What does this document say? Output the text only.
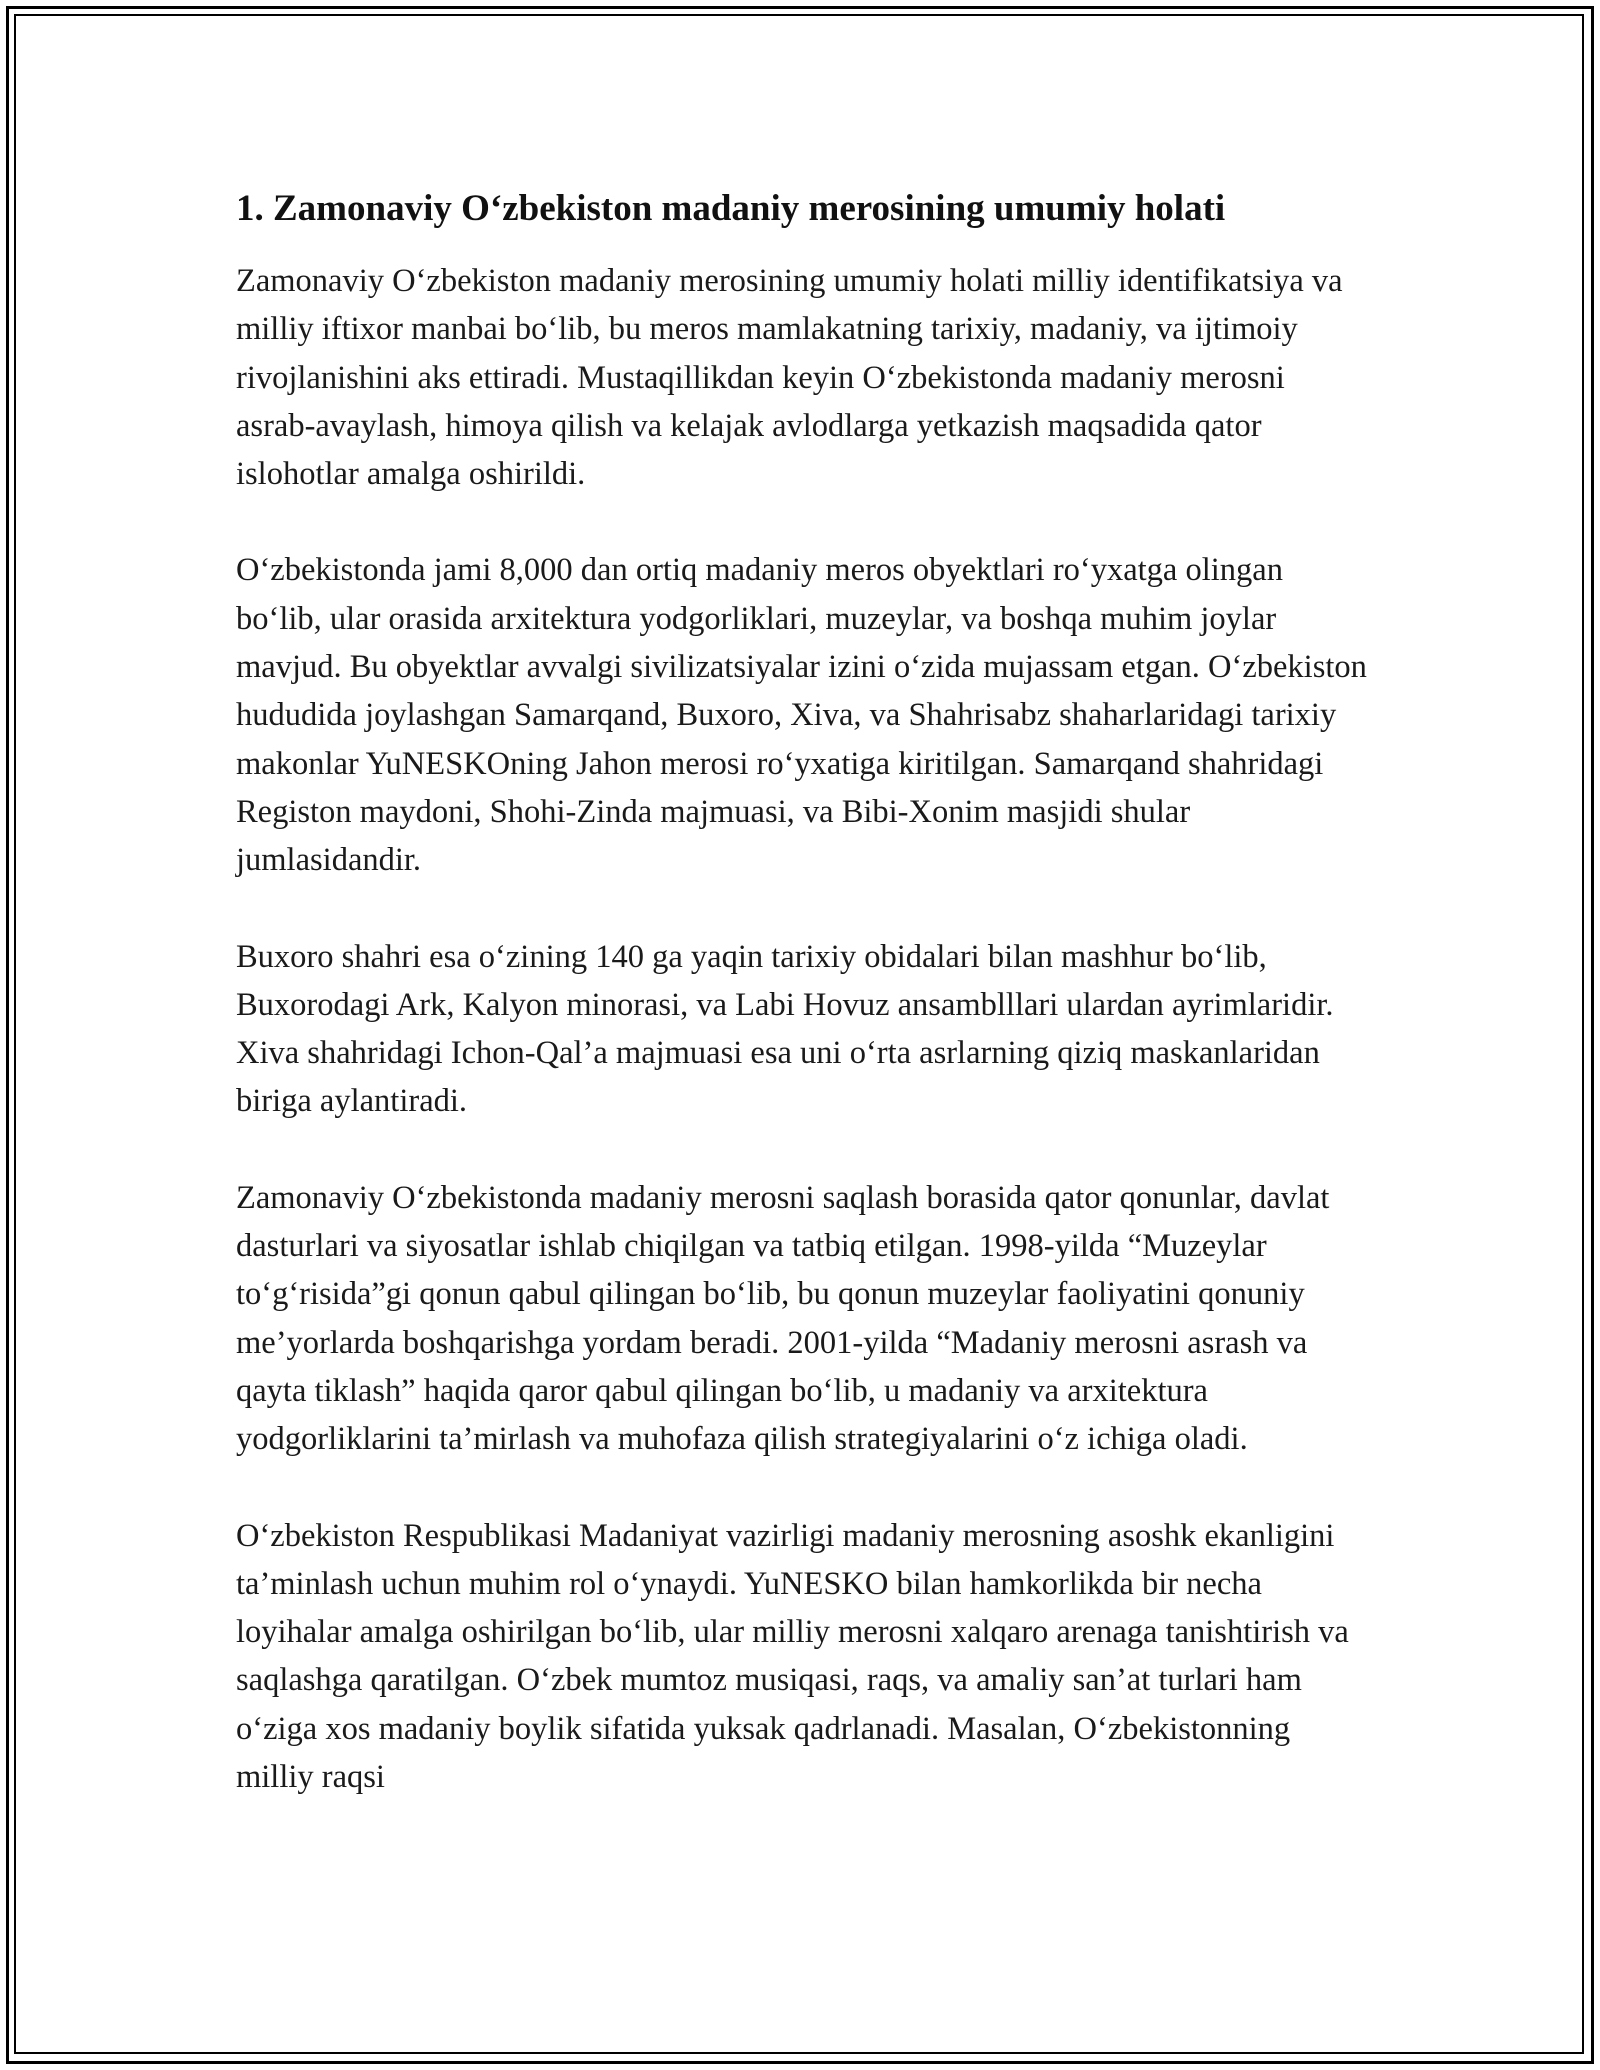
1. Zamonaviy O‘zbekiston madaniy merosining umumiy holati

Zamonaviy O‘zbekiston madaniy merosining umumiy holati milliy identifikatsiya va milliy iftixor manbai bo‘lib, bu meros mamlakatning tarixiy, madaniy, va ijtimoiy rivojlanishini aks ettiradi. Mustaqillikdan keyin O‘zbekistonda madaniy merosni asrab-avaylash, himoya qilish va kelajak avlodlarga yetkazish maqsadida qator islohotlar amalga oshirildi.

O‘zbekistonda jami 8,000 dan ortiq madaniy meros obyektlari ro‘yxatga olingan bo‘lib, ular orasida arxitektura yodgorliklari, muzeylar, va boshqa muhim joylar mavjud. Bu obyektlar avvalgi sivilizatsiyalar izini o‘zida mujassam etgan. O‘zbekiston hududida joylashgan Samarqand, Buxoro, Xiva, va Shahrisabz shaharlaridagi tarixiy makonlar YuNESKOning Jahon merosi ro‘yxatiga kiritilgan. Samarqand shahridagi Registon maydoni, Shohi-Zinda majmuasi, va Bibi-Xonim masjidi shular jumlasidandir.

Buxoro shahri esa o‘zining 140 ga yaqin tarixiy obidalari bilan mashhur bo‘lib, Buxorodagi Ark, Kalyon minorasi, va Labi Hovuz ansamblllari ulardan ayrimlaridir. Xiva shahridagi Ichon-Qal’a majmuasi esa uni o‘rta asrlarning qiziq maskanlaridan biriga aylantiradi.

Zamonaviy O‘zbekistonda madaniy merosni saqlash borasida qator qonunlar, davlat dasturlari va siyosatlar ishlab chiqilgan va tatbiq etilgan. 1998-yilda “Muzeylar to‘g‘risida”gi qonun qabul qilingan bo‘lib, bu qonun muzeylar faoliyatini qonuniy me’yorlarda boshqarishga yordam beradi. 2001-yilda “Madaniy merosni asrash va qayta tiklash” haqida qaror qabul qilingan bo‘lib, u madaniy va arxitektura yodgorliklarini ta’mirlash va muhofaza qilish strategiyalarini o‘z ichiga oladi.

O‘zbekiston Respublikasi Madaniyat vazirligi madaniy merosning asoshk ekanligini ta’minlash uchun muhim rol o‘ynaydi. YuNESKO bilan hamkorlikda bir necha loyihalar amalga oshirilgan bo‘lib, ular milliy merosni xalqaro arenaga tanishtirish va saqlashga qaratilgan. O‘zbek mumtoz musiqasi, raqs, va amaliy san’at turlari ham o‘ziga xos madaniy boylik sifatida yuksak qadrlanadi. Masalan, O‘zbekistonning milliy raqsi
